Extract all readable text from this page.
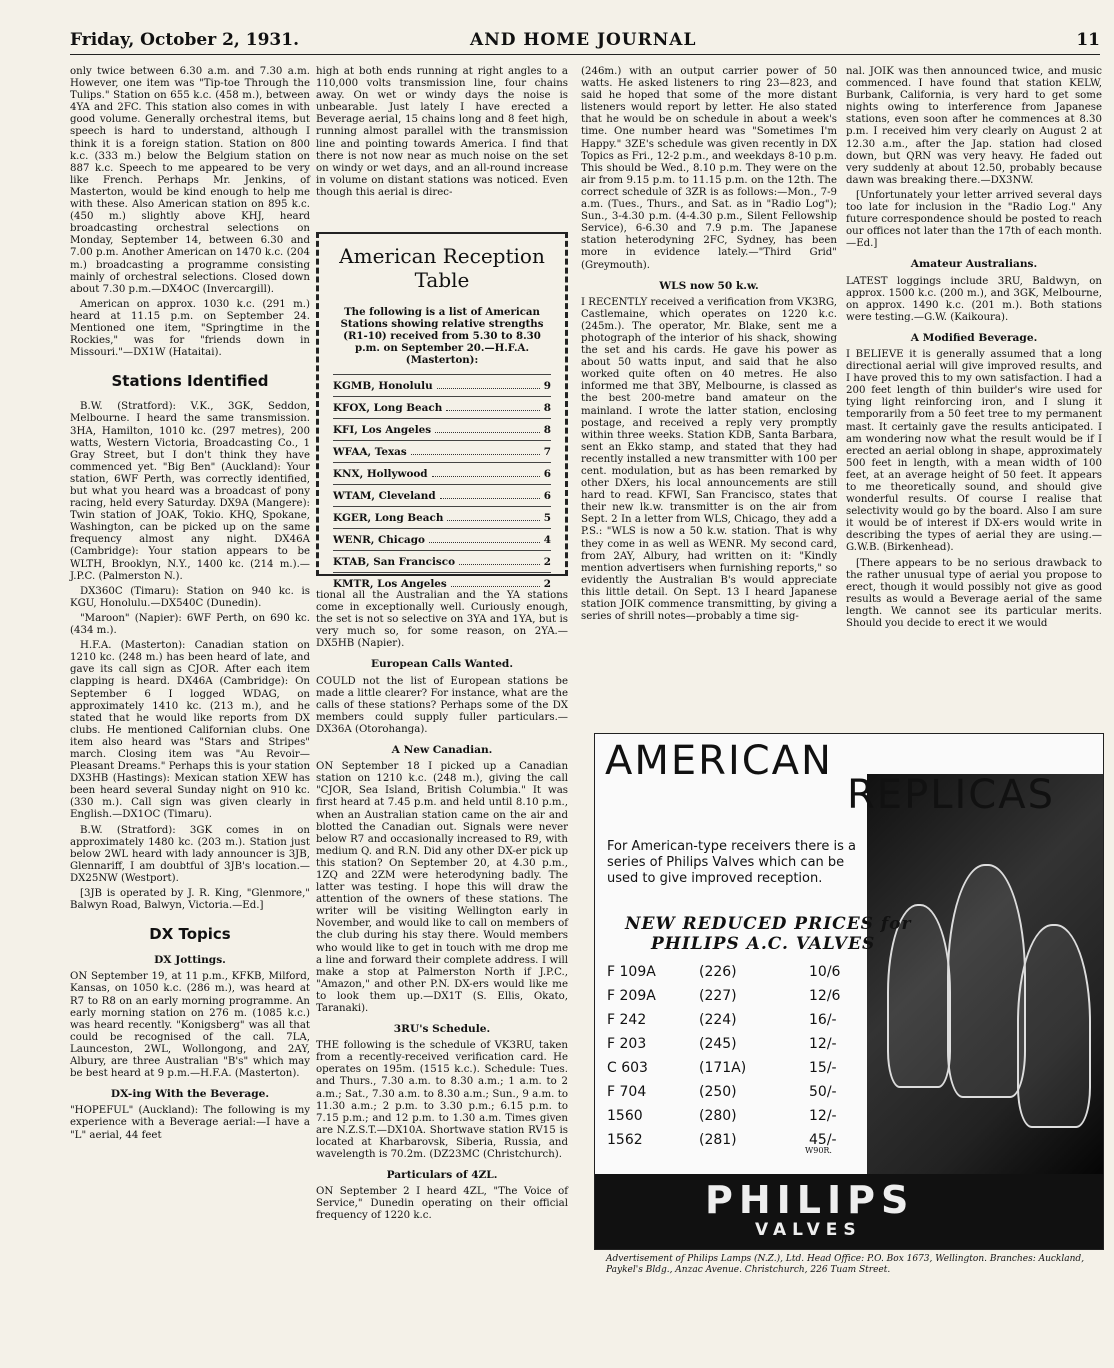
Friday, October 2, 1931.	AND HOME JOURNAL	11

only twice between 6.30 a.m. and 7.30 a.m. However, one item was "Tip-toe Through the Tulips." Station on 655 k.c. (458 m.), between 4YA and 2FC. This station also comes in with good volume. Generally orchestral items, but speech is hard to understand, although I think it is a foreign station. Station on 800 k.c. (333 m.) below the Belgium station on 887 k.c. Speech to me appeared to be very like French. Perhaps Mr. Jenkins, of Masterton, would be kind enough to help me with these. Also American station on 895 k.c. (450 m.) slightly above KHJ, heard broadcasting orchestral selections on Monday, September 14, between 6.30 and 7.00 p.m. Another American on 1470 k.c. (204 m.) broadcasting a programme consisting mainly of orchestral selections. Closed down about 7.30 p.m.—DX4OC (Invercargill).

American on approx. 1030 k.c. (291 m.) heard at 11.15 p.m. on September 24. Mentioned one item, "Springtime in the Rockies," was for "friends down in Missouri."—DX1W (Hataitai).

Stations Identified

B.W. (Stratford): V.K., 3GK, Seddon, Melbourne. I heard the same transmission. 3HA, Hamilton, 1010 kc. (297 metres), 200 watts, Western Victoria, Broadcasting Co., 1 Gray Street, but I don't think they have commenced yet. "Big Ben" (Auckland): Your station, 6WF Perth, was correctly identified, but what you heard was a broadcast of pony racing, held every Saturday. DX9A (Mangere): Twin station of JOAK, Tokio. KHQ, Spokane, Washington, can be picked up on the same frequency almost any night. DX46A (Cambridge): Your station appears to be WLTH, Brooklyn, N.Y., 1400 kc. (214 m.).—J.P.C. (Palmerston N.).

DX360C (Timaru): Station on 940 kc. is KGU, Honolulu.—DX540C (Dunedin).

"Maroon" (Napier): 6WF Perth, on 690 kc. (434 m.).

H.F.A. (Masterton): Canadian station on 1210 kc. (248 m.) has been heard of late, and gave its call sign as CJOR. After each item clapping is heard. DX46A (Cambridge): On September 6 I logged WDAG, on approximately 1410 kc. (213 m.), and he stated that he would like reports from DX clubs. He mentioned Californian clubs. One item also heard was "Stars and Stripes" march. Closing item was "Au Revoir—Pleasant Dreams." Perhaps this is your station DX3HB (Hastings): Mexican station XEW has been heard several Sunday night on 910 kc. (330 m.). Call sign was given clearly in English.—DX1OC (Timaru).

B.W. (Stratford): 3GK comes in on approximately 1480 kc. (203 m.). Station just below 2WL heard with lady announcer is 3JB, Glennariff, I am doubtful of 3JB's location.—DX25NW (Westport).

[3JB is operated by J. R. King, "Glenmore," Balwyn Road, Balwyn, Victoria.—Ed.]

DX Topics
DX Jottings.

ON September 19, at 11 p.m., KFKB, Milford, Kansas, on 1050 k.c. (286 m.), was heard at R7 to R8 on an early morning programme. An early morning station on 276 m. (1085 k.c.) was heard recently. "Konigsberg" was all that could be recognised of the call. 7LA, Launceston, 2WL, Wollongong, and 2AY, Albury, are three Australian "B's" which may be best heard at 9 p.m.—H.F.A. (Masterton).

DX-ing With the Beverage.

"HOPEFUL" (Auckland): The following is my experience with a Beverage aerial:—I have a "L" aerial, 44 feet

high at both ends running at right angles to a 110,000 volts transmission line, four chains away. On wet or windy days the noise is unbearable. Just lately I have erected a Beverage aerial, 15 chains long and 8 feet high, running almost parallel with the transmission line and pointing towards America. I find that there is not now near as much noise on the set on windy or wet days, and an all-round increase in volume on distant stations was noticed. Even though this aerial is direc-

American Reception Table
The following is a list of American Stations showing relative strengths (R1-10) received from 5.30 to 8.30 p.m. on September 20.—H.F.A. (Masterton):
KGMB, Honolulu	9
KFOX, Long Beach	8
KFI, Los Angeles	8
WFAA, Texas	7
KNX, Hollywood	6
WTAM, Cleveland	6
KGER, Long Beach	5
WENR, Chicago	4
KTAB, San Francisco	2
KMTR, Los Angeles	2

tional all the Australian and the YA stations come in exceptionally well. Curiously enough, the set is not so selective on 3YA and 1YA, but is very much so, for some reason, on 2YA.—DX5HB (Napier).

European Calls Wanted.

COULD not the list of European stations be made a little clearer? For instance, what are the calls of these stations? Perhaps some of the DX members could supply fuller particulars.—DX36A (Otorohanga).

A New Canadian.

ON September 18 I picked up a Canadian station on 1210 k.c. (248 m.), giving the call "CJOR, Sea Island, British Columbia." It was first heard at 7.45 p.m. and held until 8.10 p.m., when an Australian station came on the air and blotted the Canadian out. Signals were never below R7 and occasionally increased to R9, with medium Q. and R.N. Did any other DX-er pick up this station? On September 20, at 4.30 p.m., 1ZQ and 2ZM were heterodyning badly. The latter was testing. I hope this will draw the attention of the owners of these stations. The writer will be visiting Wellington early in November, and would like to call on members of the club during his stay there. Would members who would like to get in touch with me drop me a line and forward their complete address. I will make a stop at Palmerston North if J.P.C., "Amazon," and other P.N. DX-ers would like me to look them up.—DX1T (S. Ellis, Okato, Taranaki).

3RU's Schedule.

THE following is the schedule of VK3RU, taken from a recently-received verification card. He operates on 195m. (1515 k.c.). Schedule: Tues. and Thurs., 7.30 a.m. to 8.30 a.m.; 1 a.m. to 2 a.m.; Sat., 7.30 a.m. to 8.30 a.m.; Sun., 9 a.m. to 11.30 a.m.; 2 p.m. to 3.30 p.m.; 6.15 p.m. to 7.15 p.m.; and 12 p.m. to 1.30 a.m. Times given are N.Z.S.T.—DX10A. Shortwave station RV15 is located at Kharbarovsk, Siberia, Russia, and wavelength is 70.2m. (DZ23MC (Christchurch).

Particulars of 4ZL.

ON September 2 I heard 4ZL, "The Voice of Service," Dunedin operating on their official frequency of 1220 k.c.

(246m.) with an output carrier power of 50 watts. He asked listeners to ring 23—823, and said he hoped that some of the more distant listeners would report by letter. He also stated that he would be on schedule in about a week's time. One number heard was "Sometimes I'm Happy." 3ZE's schedule was given recently in DX Topics as Fri., 12-2 p.m., and weekdays 8-10 p.m. This should be Wed., 8.10 p.m. They were on the air from 9.15 p.m. to 11.15 p.m. on the 12th. The correct schedule of 3ZR is as follows:—Mon., 7-9 a.m. (Tues., Thurs., and Sat. as in "Radio Log"); Sun., 3-4.30 p.m. (4-4.30 p.m., Silent Fellowship Service), 6-6.30 and 7.9 p.m. The Japanese station heterodyning 2FC, Sydney, has been more in evidence lately.—"Third Grid" (Greymouth).

WLS now 50 k.w.

I RECENTLY received a verification from VK3RG, Castlemaine, which operates on 1220 k.c. (245m.). The operator, Mr. Blake, sent me a photograph of the interior of his shack, showing the set and his cards. He gave his power as about 50 watts input, and said that he also worked quite often on 40 metres. He also informed me that 3BY, Melbourne, is classed as the best 200-metre band amateur on the mainland. I wrote the latter station, enclosing postage, and received a reply very promptly within three weeks. Station KDB, Santa Barbara, sent an Ekko stamp, and stated that they had recently installed a new transmitter with 100 per cent. modulation, but as has been remarked by other DXers, his local announcements are still hard to read. KFWI, San Francisco, states that their new lk.w. transmitter is on the air from Sept. 2 In a letter from WLS, Chicago, they add a P.S.: "WLS is now a 50 k.w. station. That is why they come in as well as WENR. My second card, from 2AY, Albury, had written on it: "Kindly mention advertisers when furnishing reports," so evidently the Australian B's would appreciate this little detail. On Sept. 13 I heard Japanese station JOIK commence transmitting, by giving a series of shrill notes—probably a time sig-

nal. JOIK was then announced twice, and music commenced. I have found that station KELW, Burbank, California, is very hard to get some nights owing to interference from Japanese stations, even soon after he commences at 8.30 p.m. I received him very clearly on August 2 at 12.30 a.m., after the Jap. station had closed down, but QRN was very heavy. He faded out very suddenly at about 12.50, probably because dawn was breaking there.—DX3NW.

[Unfortunately your letter arrived several days too late for inclusion in the "Radio Log." Any future correspondence should be posted to reach our offices not later than the 17th of each month.—Ed.]

Amateur Australians.

LATEST loggings include 3RU, Baldwyn, on approx. 1500 k.c. (200 m.), and 3GK, Melbourne, on approx. 1490 k.c. (201 m.). Both stations were testing.—G.W. (Kaikoura).

A Modified Beverage.

I BELIEVE it is generally assumed that a long directional aerial will give improved results, and I have proved this to my own satisfaction. I had a 200 feet length of thin builder's wire used for tying light reinforcing iron, and I slung it temporarily from a 50 feet tree to my permanent mast. It certainly gave the results anticipated. I am wondering now what the result would be if I erected an aerial oblong in shape, approximately 500 feet in length, with a mean width of 100 feet, at an average height of 50 feet. It appears to me theoretically sound, and should give wonderful results. Of course I realise that selectivity would go by the board. Also I am sure it would be of interest if DX-ers would write in describing the types of aerial they are using.—G.W.B. (Birkenhead).

[There appears to be no serious drawback to the rather unusual type of aerial you propose to erect, though it would possibly not give as good results as would a Beverage aerial of the same length. We cannot see its particular merits. Should you decide to erect it we would

AMERICAN
REPLICAS
For American-type receivers there is a series of Philips Valves which can be used to give improved reception.
NEW REDUCED PRICES for
PHILIPS A.C. VALVES
F 109A	(226)	10/6
F 209A	(227)	12/6
F 242	(224)	16/-
F 203	(245)	12/-
C 603	(171A)	15/-
F 704	(250)	50/-
1560	(280)	12/-
1562	(281)	45/-
W90R.
PHILIPS
VALVES
Advertisement of Philips Lamps (N.Z.), Ltd. Head Office: P.O. Box 1673, Wellington. Branches: Auckland, Paykel's Bldg., Anzac Avenue. Christchurch, 226 Tuam Street.
